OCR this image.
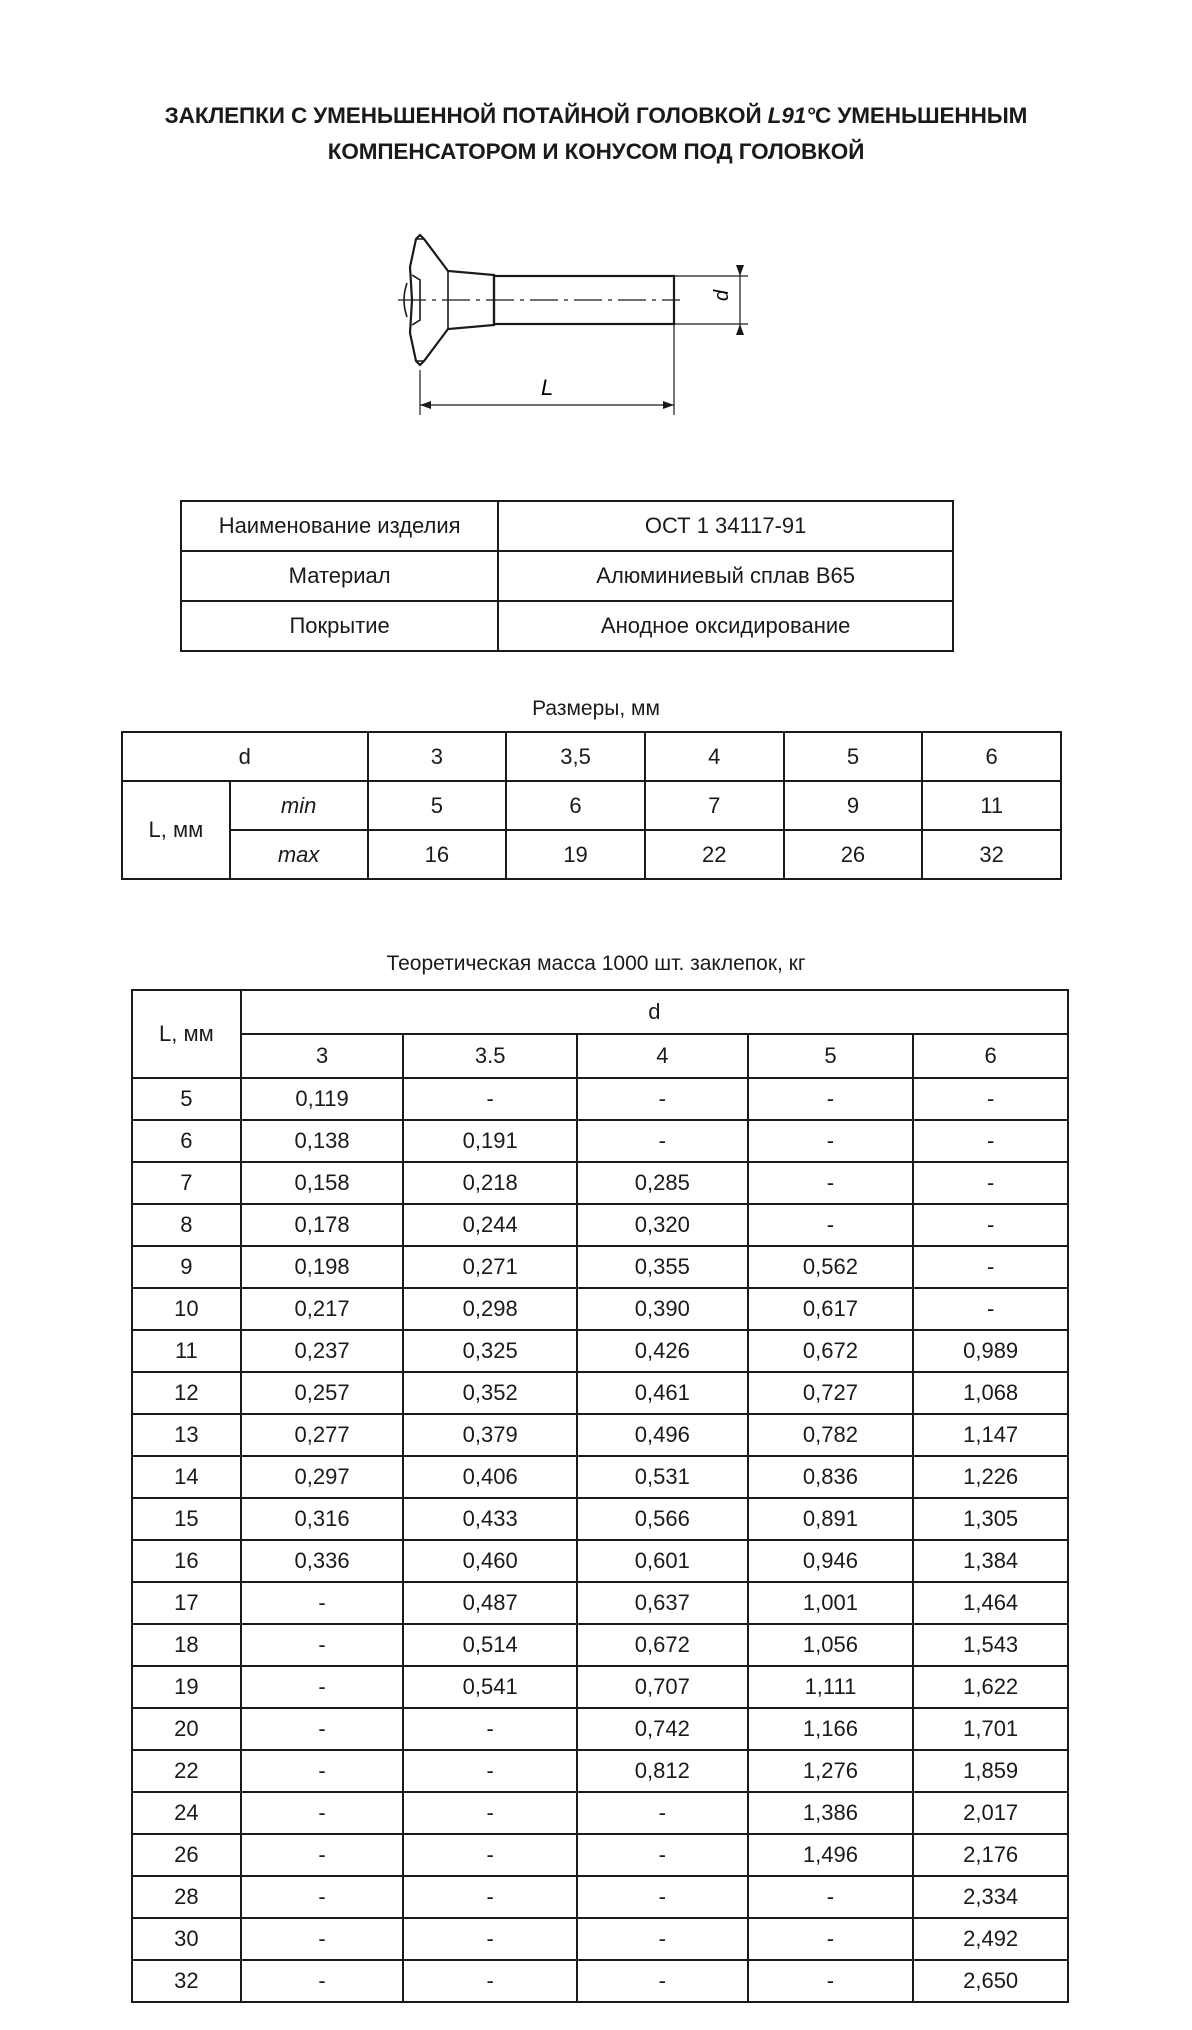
ЗАКЛЕПКИ С УМЕНЬШЕННОЙ ПОТАЙНОЙ ГОЛОВКОЙ L91°С УМЕНЬШЕННЫМ
КОМПЕНСАТОРОМ И КОНУСОМ ПОД ГОЛОВКОЙ
d
L
Наименование изделия	ОСТ 1 34117-91
Материал	Алюминиевый сплав В65
Покрытие	Анодное оксидирование
Размеры, мм
d		3	3,5	4	5	6
L, мм	min	5	6	7	9	11
	max	16	19	22	26	32
Теоретическая масса 1000 шт. заклепок, кг
L, мм	d				
	3	3.5	4	5	6
5	0,119	-	-	-	-
6	0,138	0,191	-	-	-
7	0,158	0,218	0,285	-	-
8	0,178	0,244	0,320	-	-
9	0,198	0,271	0,355	0,562	-
10	0,217	0,298	0,390	0,617	-
11	0,237	0,325	0,426	0,672	0,989
12	0,257	0,352	0,461	0,727	1,068
13	0,277	0,379	0,496	0,782	1,147
14	0,297	0,406	0,531	0,836	1,226
15	0,316	0,433	0,566	0,891	1,305
16	0,336	0,460	0,601	0,946	1,384
17	-	0,487	0,637	1,001	1,464
18	-	0,514	0,672	1,056	1,543
19	-	0,541	0,707	1,111	1,622
20	-	-	0,742	1,166	1,701
22	-	-	0,812	1,276	1,859
24	-	-	-	1,386	2,017
26	-	-	-	1,496	2,176
28	-	-	-	-	2,334
30	-	-	-	-	2,492
32	-	-	-	-	2,650
